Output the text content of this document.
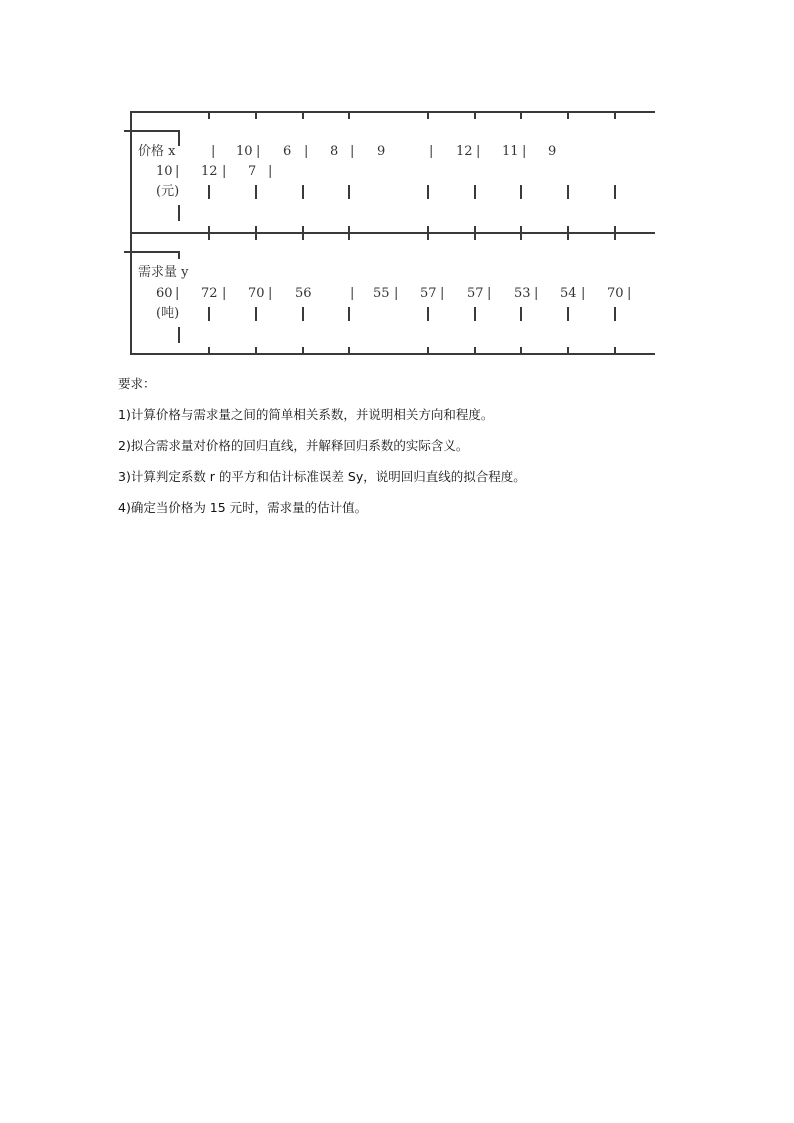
价格 x	| 10 | 6 | 8 | 9	| 12 | 11 | 9
10 | 12 | 7 |
(元)
需求量 y
60 | 72 | 70 | 56	| 55 | 57 | 57 | 53 | 54 | 70 |
(吨)
要求：
1)计算价格与需求量之间的简单相关系数，并说明相关方向和程度。
2)拟合需求量对价格的回归直线，并解释回归系数的实际含义。
3)计算判定系数 r 的平方和估计标准误差 Sy，说明回归直线的拟合程度。
4)确定当价格为 15 元时，需求量的估计值。
